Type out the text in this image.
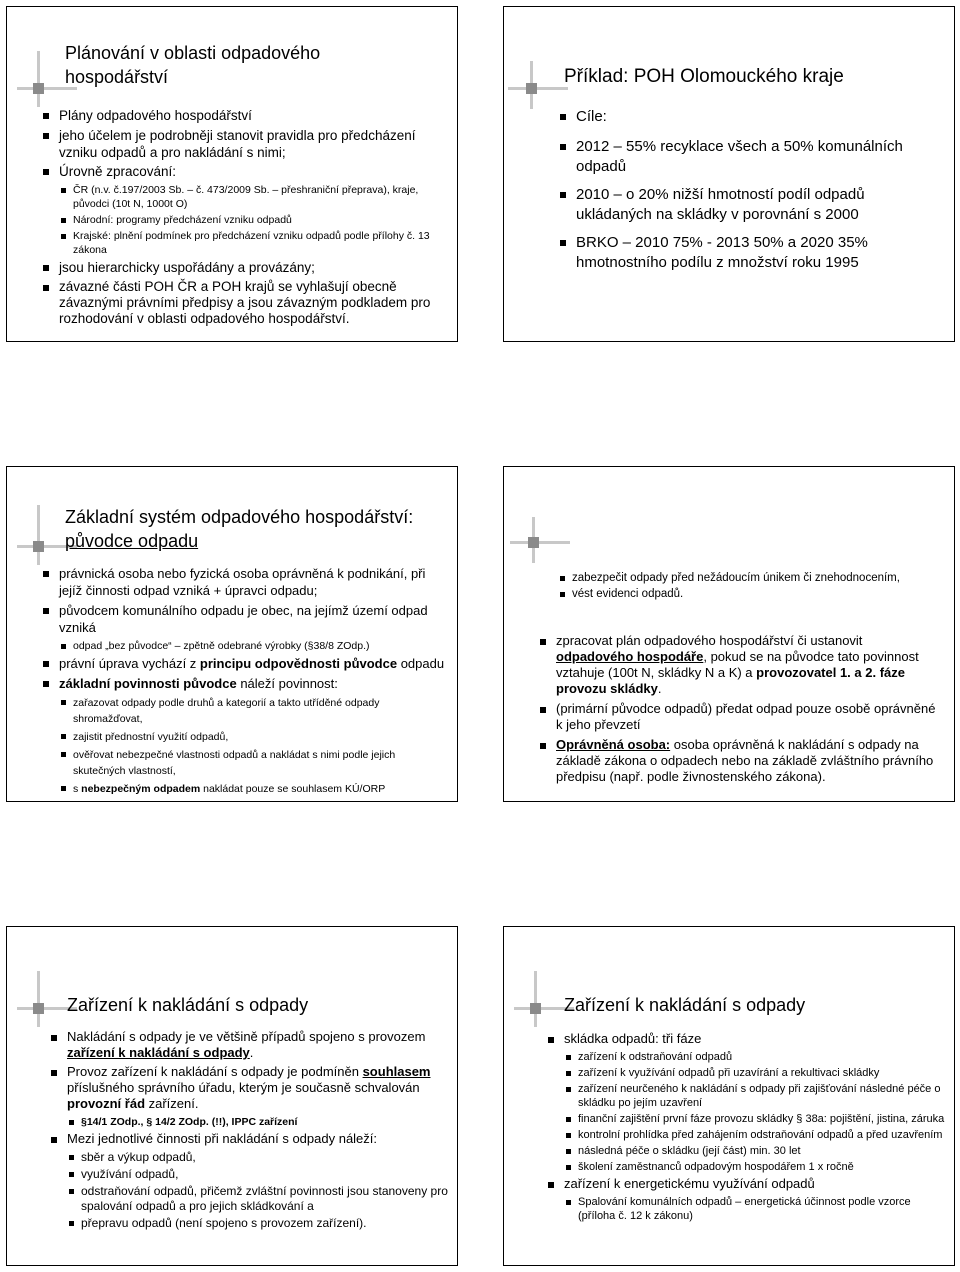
Plánování v oblasti odpadového hospodářství
Plány odpadového hospodářství
jeho účelem je podrobněji stanovit pravidla pro předcházení vzniku odpadů a pro nakládání s nimi;
Úrovně zpracování:
ČR (n.v. č.197/2003 Sb. – č. 473/2009 Sb. – přeshraniční přeprava), kraje, původci (10t N, 1000t O)
Národní: programy předcházení vzniku odpadů
Krajské: plnění podmínek pro předcházení vzniku odpadů podle přílohy č. 13 zákona
jsou hierarchicky uspořádány a provázány;
závazné části POH ČR a POH krajů se vyhlašují obecně závaznými právními předpisy a jsou závazným podkladem pro rozhodování v oblasti odpadového hospodářství.
Příklad: POH Olomouckého kraje
Cíle:
2012 – 55% recyklace všech a 50% komunálních odpadů
2010 – o 20% nižší hmotností podíl odpadů ukládaných na skládky v porovnání s 2000
BRKO – 2010 75% - 2013 50% a 2020 35% hmotnostního podílu z množství roku 1995
Základní systém odpadového hospodářství:
původce odpadu
právnická osoba nebo fyzická osoba oprávněná k podnikání, při jejíž činnosti odpad vzniká + úpravci odpadu;
původcem komunálního odpadu je obec, na jejímž území odpad vzniká
odpad „bez původce“ – zpětně odebrané výrobky (§38/8 ZOdp.)
právní úprava vychází z principu odpovědnosti původce odpadu
základní povinnosti původce náleží povinnost:
zařazovat odpady podle druhů a kategorií a takto utříděné odpady shromažďovat,
zajistit přednostní využití odpadů,
ověřovat nebezpečné vlastnosti odpadů a nakládat s nimi podle jejich skutečných vlastností,
s nebezpečným odpadem nakládat pouze se souhlasem KÚ/ORP
zabezpečit odpady před nežádoucím únikem či znehodnocením,
vést evidenci odpadů.
zpracovat plán odpadového hospodářství či ustanovit odpadového hospodáře, pokud se na původce tato povinnost vztahuje (100t N, skládky N a K) a provozovatel 1. a 2. fáze provozu skládky.
(primární původce odpadů) předat odpad pouze osobě oprávněné k jeho převzetí
Oprávněná osoba: osoba oprávněná k nakládání s odpady na základě zákona o odpadech nebo na základě zvláštního právního předpisu (např. podle živnostenského zákona).
Zařízení k nakládání s odpady
Nakládání s odpady je ve většině případů spojeno s provozem zařízení k nakládání s odpady.
Provoz zařízení k nakládání s odpady je podmíněn souhlasem příslušného správního úřadu, kterým je současně schvalován provozní řád zařízení.
§14/1 ZOdp., § 14/2 ZOdp. (!!), IPPC zařízení
Mezi jednotlivé činnosti při nakládání s odpady náleží:
sběr a výkup odpadů,
využívání odpadů,
odstraňování odpadů, přičemž zvláštní povinnosti jsou stanoveny pro spalování odpadů a pro jejich skládkování a
přepravu odpadů (není spojeno s provozem zařízení).
Zařízení k nakládání s odpady
skládka odpadů: tři fáze
zařízení k odstraňování odpadů
zařízení k využívání odpadů při uzavírání a rekultivaci skládky
zařízení neurčeného k nakládání s odpady při zajišťování následné péče o skládku po jejím uzavření
finanční zajištění první fáze provozu skládky § 38a: pojištění, jistina, záruka
kontrolní prohlídka před zahájením odstraňování odpadů a před uzavřením
následná péče o skládku (její část) min. 30 let
školení zaměstnanců odpadovým hospodářem 1 x ročně
zařízení k energetickému využívání odpadů
Spalování komunálních odpadů – energetická účinnost podle vzorce (příloha č. 12 k zákonu)
